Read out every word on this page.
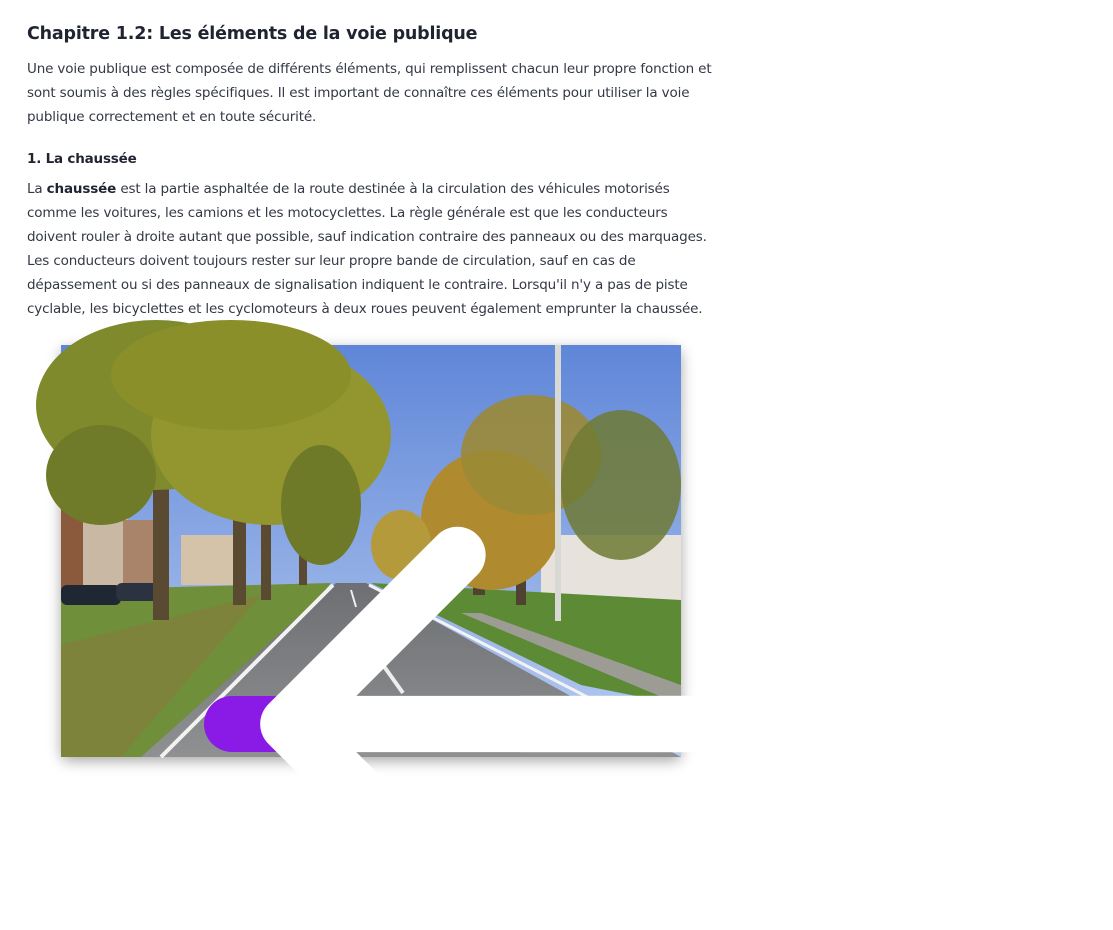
Chapitre 1.2: Les éléments de la voie publique

Une voie publique est composée de différents éléments, qui remplissent chacun leur propre fonction et
sont soumis à des règles spécifiques. Il est important de connaître ces éléments pour utiliser la voie
publique correctement et en toute sécurité.

1. La chaussée

La chaussée est la partie asphaltée de la route destinée à la circulation des véhicules motorisés
comme les voitures, les camions et les motocyclettes. La règle générale est que les conducteurs
doivent rouler à droite autant que possible, sauf indication contraire des panneaux ou des marquages.
Les conducteurs doivent toujours rester sur leur propre bande de circulation, sauf en cas de
dépassement ou si des panneaux de signalisation indiquent le contraire. Lorsqu'il n'y a pas de piste
cyclable, les bicyclettes et les cyclomoteurs à deux roues peuvent également emprunter la chaussée.

Précédent
2 / 6	Suivant
